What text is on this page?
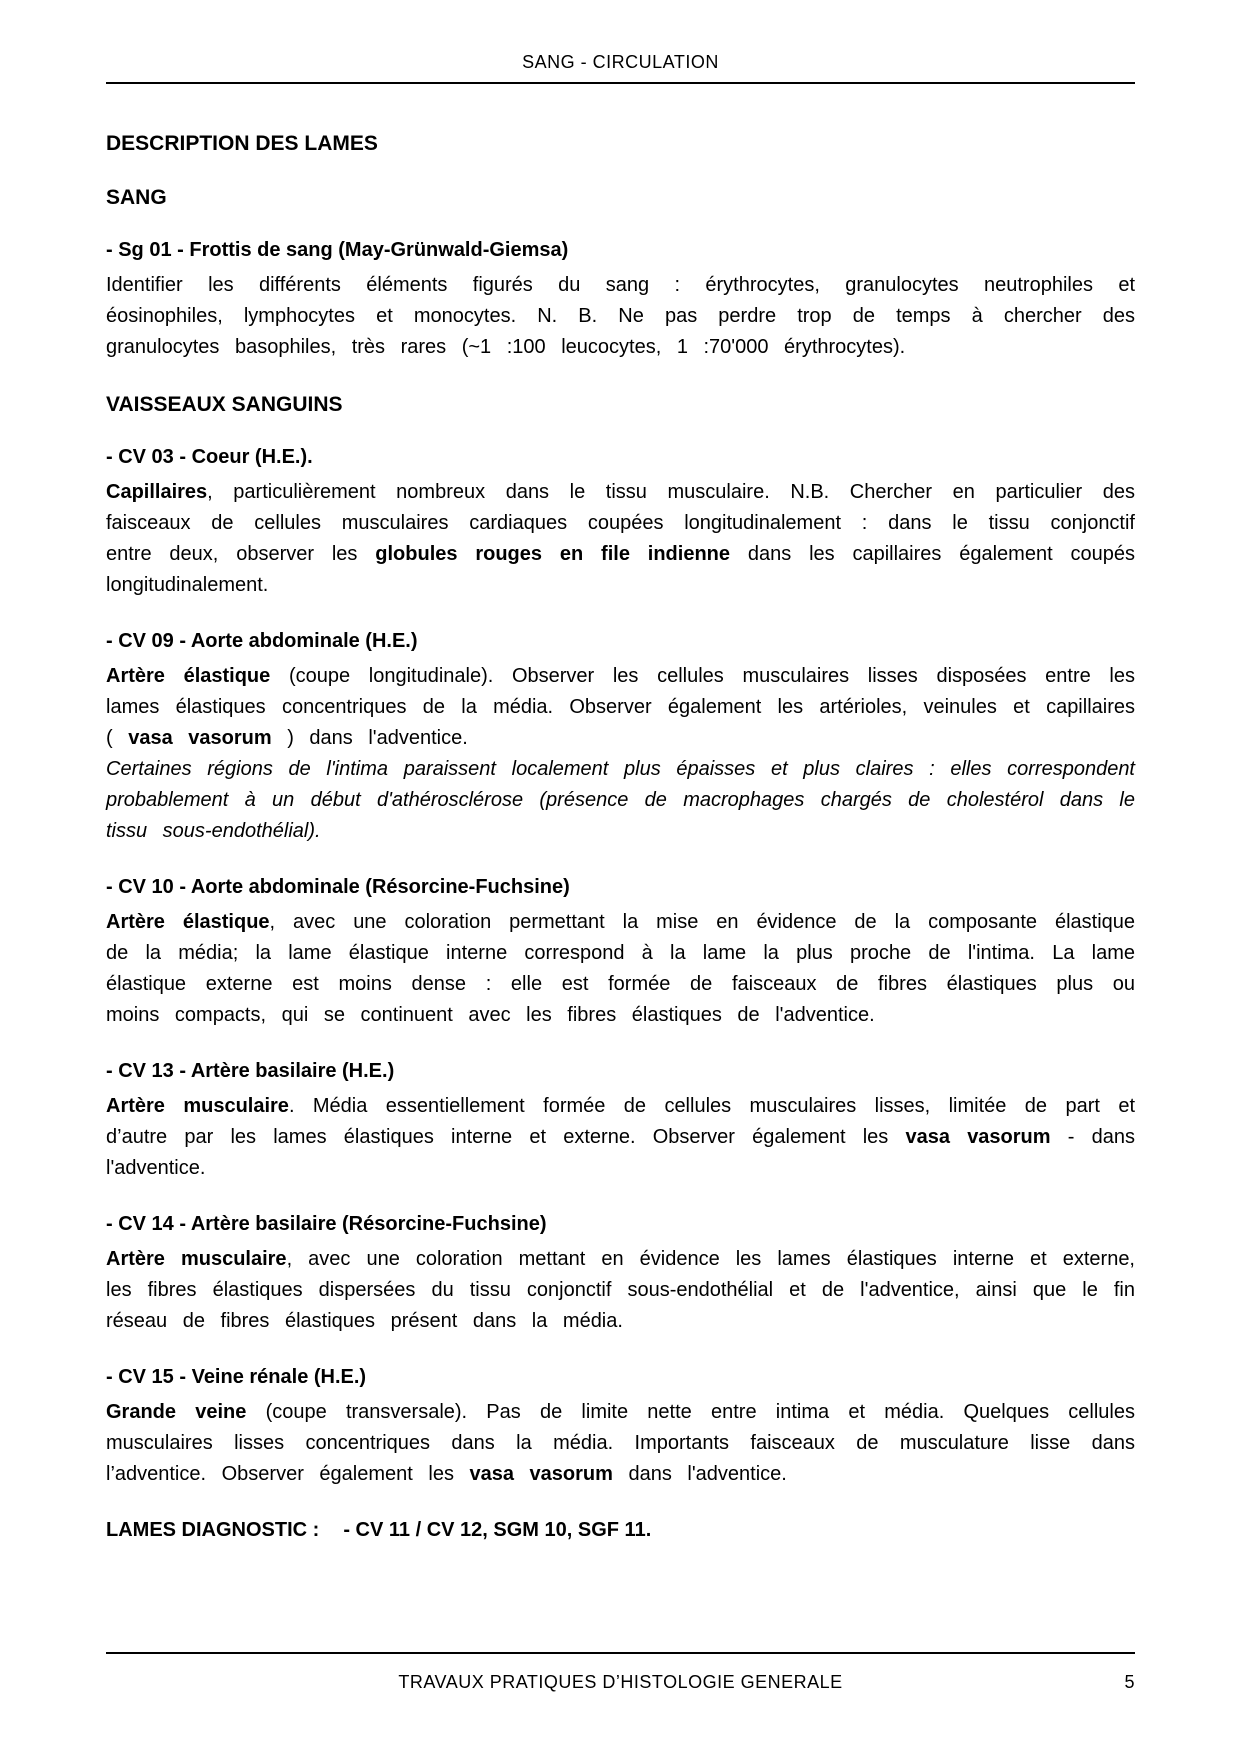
SANG - CIRCULATION
DESCRIPTION DES LAMES
SANG
- Sg 01 - Frottis de sang (May-Grünwald-Giemsa)

Identifier les différents éléments figurés du sang : érythrocytes, granulocytes neutrophiles et éosinophiles, lymphocytes et monocytes. N. B. Ne pas perdre trop de temps à chercher des granulocytes basophiles, très rares (~1 :100 leucocytes, 1 :70'000 érythrocytes).

VAISSEAUX SANGUINS
- CV 03 - Coeur (H.E.).

Capillaires, particulièrement nombreux dans le tissu musculaire. N.B. Chercher en particulier des faisceaux de cellules musculaires cardiaques coupées longitudinalement : dans le tissu conjonctif entre deux, observer les globules rouges en file indienne dans les capillaires également coupés longitudinalement.

- CV 09 - Aorte abdominale (H.E.)

Artère élastique (coupe longitudinale). Observer les cellules musculaires lisses disposées entre les lames élastiques concentriques de la média. Observer également les artérioles, veinules et capillaires ( vasa vasorum ) dans l'adventice.

Certaines régions de l'intima paraissent localement plus épaisses et plus claires : elles correspondent probablement à un début d'athérosclérose (présence de macrophages chargés de cholestérol dans le tissu sous-endothélial).

- CV 10 - Aorte abdominale (Résorcine-Fuchsine)

Artère élastique, avec une coloration permettant la mise en évidence de la composante élastique de la média; la lame élastique interne correspond à la lame la plus proche de l'intima. La lame élastique externe est moins dense : elle est formée de faisceaux de fibres élastiques plus ou moins compacts, qui se continuent avec les fibres élastiques de l'adventice.

- CV 13 - Artère basilaire (H.E.)

Artère musculaire. Média essentiellement formée de cellules musculaires lisses, limitée de part et d’autre par les lames élastiques interne et externe. Observer également les vasa vasorum - dans l'adventice.

- CV 14 - Artère basilaire (Résorcine-Fuchsine)

Artère musculaire, avec une coloration mettant en évidence les lames élastiques interne et externe, les fibres élastiques dispersées du tissu conjonctif sous-endothélial et de l'adventice, ainsi que le fin réseau de fibres élastiques présent dans la média.

- CV 15 - Veine rénale (H.E.)

Grande veine (coupe transversale). Pas de limite nette entre intima et média. Quelques cellules musculaires lisses concentriques dans la média. Importants faisceaux de musculature lisse dans l’adventice. Observer également les vasa vasorum dans l'adventice.

LAMES DIAGNOSTIC : - CV 11 / CV 12, SGM 10, SGF 11.
TRAVAUX PRATIQUES D’HISTOLOGIE GENERALE	5
